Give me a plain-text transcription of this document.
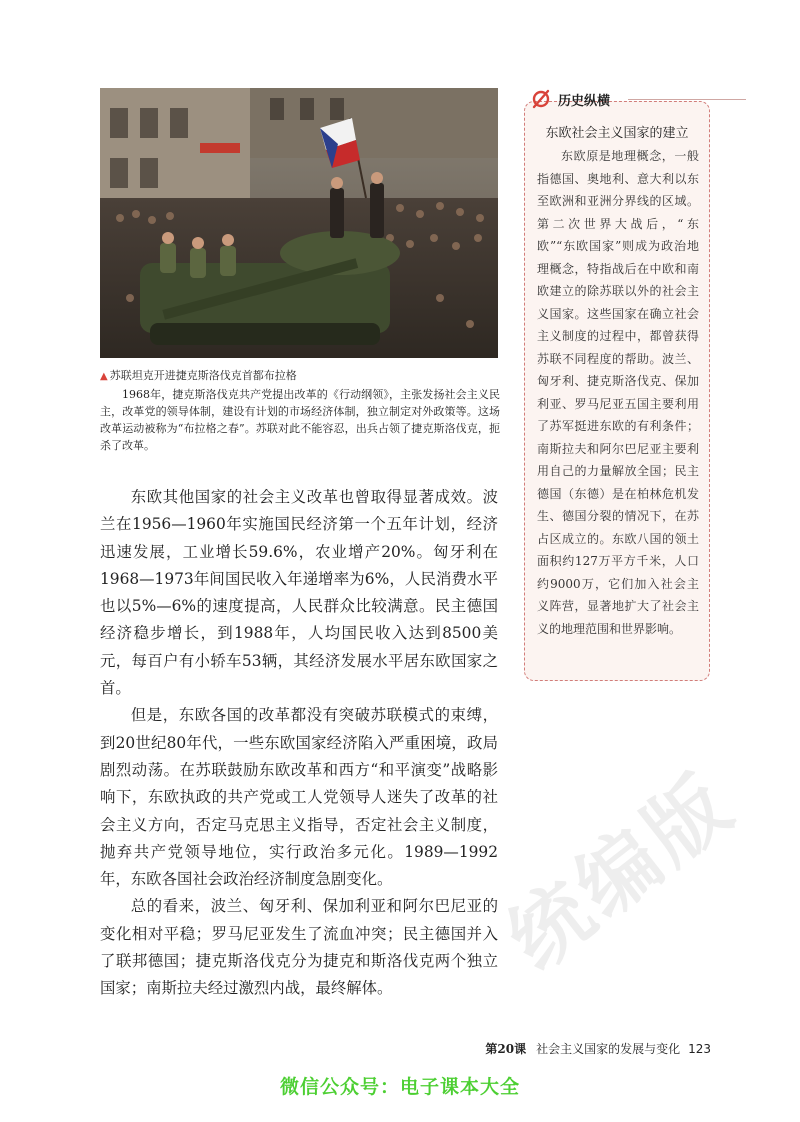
▲ 苏联坦克开进捷克斯洛伐克首都布拉格
1968年，捷克斯洛伐克共产党提出改革的《行动纲领》，主张发扬社会主义民主，改革党的领导体制，建设有计划的市场经济体制，独立制定对外政策等。这场改革运动被称为“布拉格之春”。苏联对此不能容忍，出兵占领了捷克斯洛伐克，扼杀了改革。

东欧其他国家的社会主义改革也曾取得显著成效。波兰在1956—1960年实施国民经济第一个五年计划，经济迅速发展，工业增长59.6%，农业增产20%。匈牙利在1968—1973年间国民收入年递增率为6%，人民消费水平也以5%—6%的速度提高，人民群众比较满意。民主德国经济稳步增长，到1988年，人均国民收入达到8500美元，每百户有小轿车53辆，其经济发展水平居东欧国家之首。

但是，东欧各国的改革都没有突破苏联模式的束缚，到20世纪80年代，一些东欧国家经济陷入严重困境，政局剧烈动荡。在苏联鼓励东欧改革和西方“和平演变”战略影响下，东欧执政的共产党或工人党领导人迷失了改革的社会主义方向，否定马克思主义指导，否定社会主义制度，抛弃共产党领导地位，实行政治多元化。1989—1992年，东欧各国社会政治经济制度急剧变化。

总的看来，波兰、匈牙利、保加利亚和阿尔巴尼亚的变化相对平稳；罗马尼亚发生了流血冲突；民主德国并入了联邦德国；捷克斯洛伐克分为捷克和斯洛伐克两个独立国家；南斯拉夫经过激烈内战，最终解体。

东欧社会主义国家的建立
东欧原是地理概念，一般指德国、奥地利、意大利以东至欧洲和亚洲分界线的区域。第二次世界大战后，“东欧”“东欧国家”则成为政治地理概念，特指战后在中欧和南欧建立的除苏联以外的社会主义国家。这些国家在确立社会主义制度的过程中，都曾获得苏联不同程度的帮助。波兰、匈牙利、捷克斯洛伐克、保加利亚、罗马尼亚五国主要利用了苏军挺进东欧的有利条件；南斯拉夫和阿尔巴尼亚主要利用自己的力量解放全国；民主德国（东德）是在柏林危机发生、德国分裂的情况下，在苏占区成立的。东欧八国的领土面积约127万平方千米，人口约9000万，它们加入社会主义阵营，显著地扩大了社会主义的地理范围和世界影响。
历史纵横
统编版
第20课 社会主义国家的发展与变化 123
微信公众号：电子课本大全
